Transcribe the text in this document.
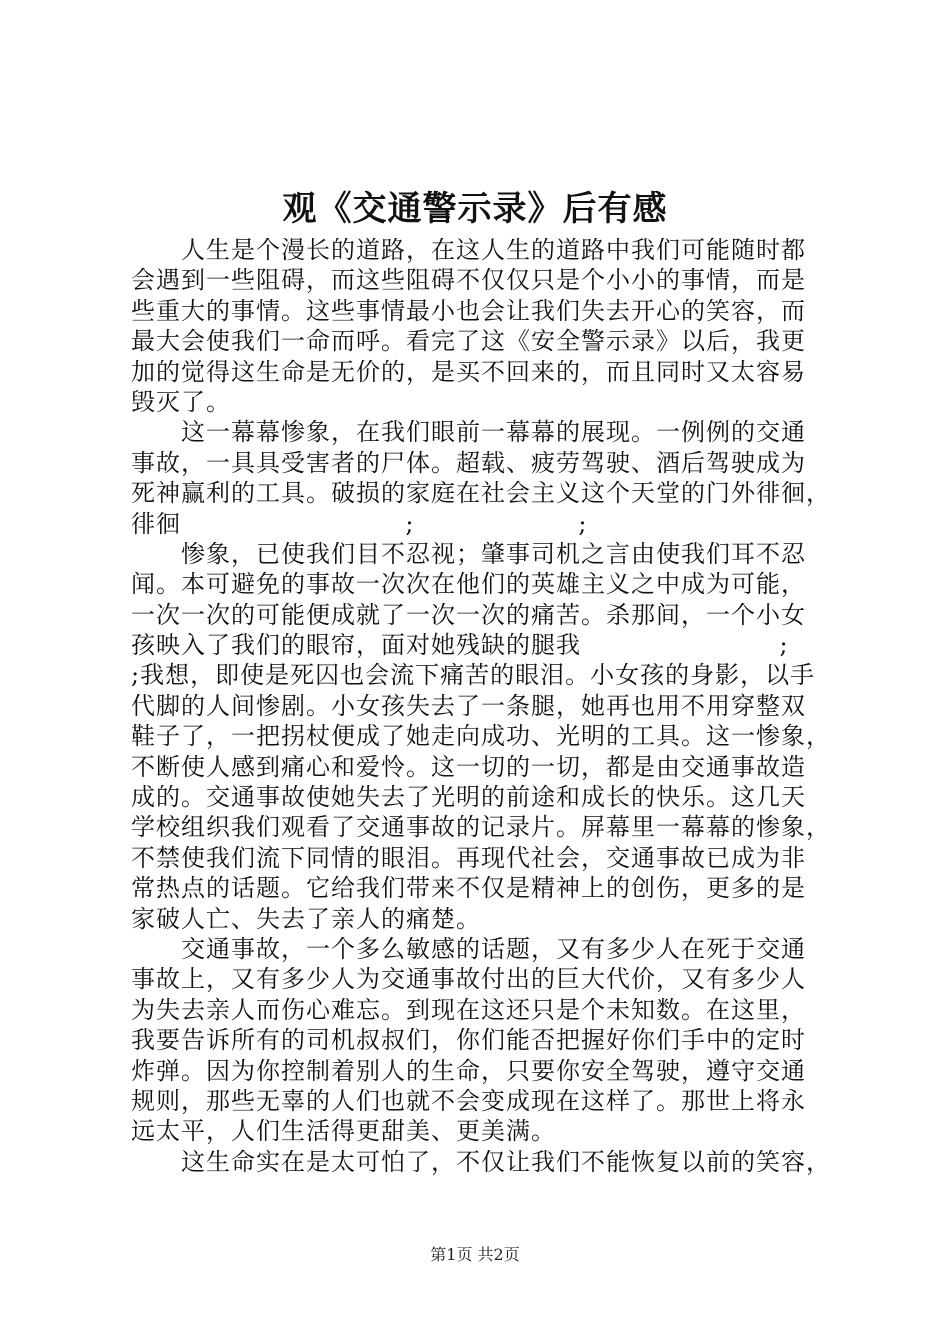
观《交通警示录》后有感
　　人生是个漫长的道路，在这人生的道路中我们可能随时都
会遇到一些阻碍，而这些阻碍不仅仅只是个小小的事情，而是
些重大的事情。这些事情最小也会让我们失去开心的笑容，而
最大会使我们一命而呼。看完了这《安全警示录》以后，我更
加的觉得这生命是无价的，是买不回来的，而且同时又太容易
毁灭了。
　　这一幕幕惨象，在我们眼前一幕幕的展现。一例例的交通
事故，一具具受害者的尸体。超载、疲劳驾驶、酒后驾驶成为
死神赢利的工具。破损的家庭在社会主义这个天堂的门外徘徊，
徘徊                          ;                   ;
　　惨象，已使我们目不忍视；肇事司机之言由使我们耳不忍
闻。本可避免的事故一次次在他们的英雄主义之中成为可能，
一次一次的可能便成就了一次一次的痛苦。杀那间，一个小女
孩映入了我们的眼帘，面对她残缺的腿我                       ;
;我想，即使是死囚也会流下痛苦的眼泪。小女孩的身影，以手
代脚的人间惨剧。小女孩失去了一条腿，她再也用不用穿整双
鞋子了，一把拐杖便成了她走向成功、光明的工具。这一惨象，
不断使人感到痛心和爱怜。这一切的一切，都是由交通事故造
成的。交通事故使她失去了光明的前途和成长的快乐。这几天
学校组织我们观看了交通事故的记录片。屏幕里一幕幕的惨象，
不禁使我们流下同情的眼泪。再现代社会，交通事故已成为非
常热点的话题。它给我们带来不仅是精神上的创伤，更多的是
家破人亡、失去了亲人的痛楚。
　　交通事故，一个多么敏感的话题，又有多少人在死于交通
事故上，又有多少人为交通事故付出的巨大代价，又有多少人
为失去亲人而伤心难忘。到现在这还只是个未知数。在这里，
我要告诉所有的司机叔叔们，你们能否把握好你们手中的定时
炸弹。因为你控制着别人的生命，只要你安全驾驶，遵守交通
规则，那些无辜的人们也就不会变成现在这样了。那世上将永
远太平，人们生活得更甜美、更美满。
　　这生命实在是太可怕了，不仅让我们不能恢复以前的笑容，
第1页 共2页
